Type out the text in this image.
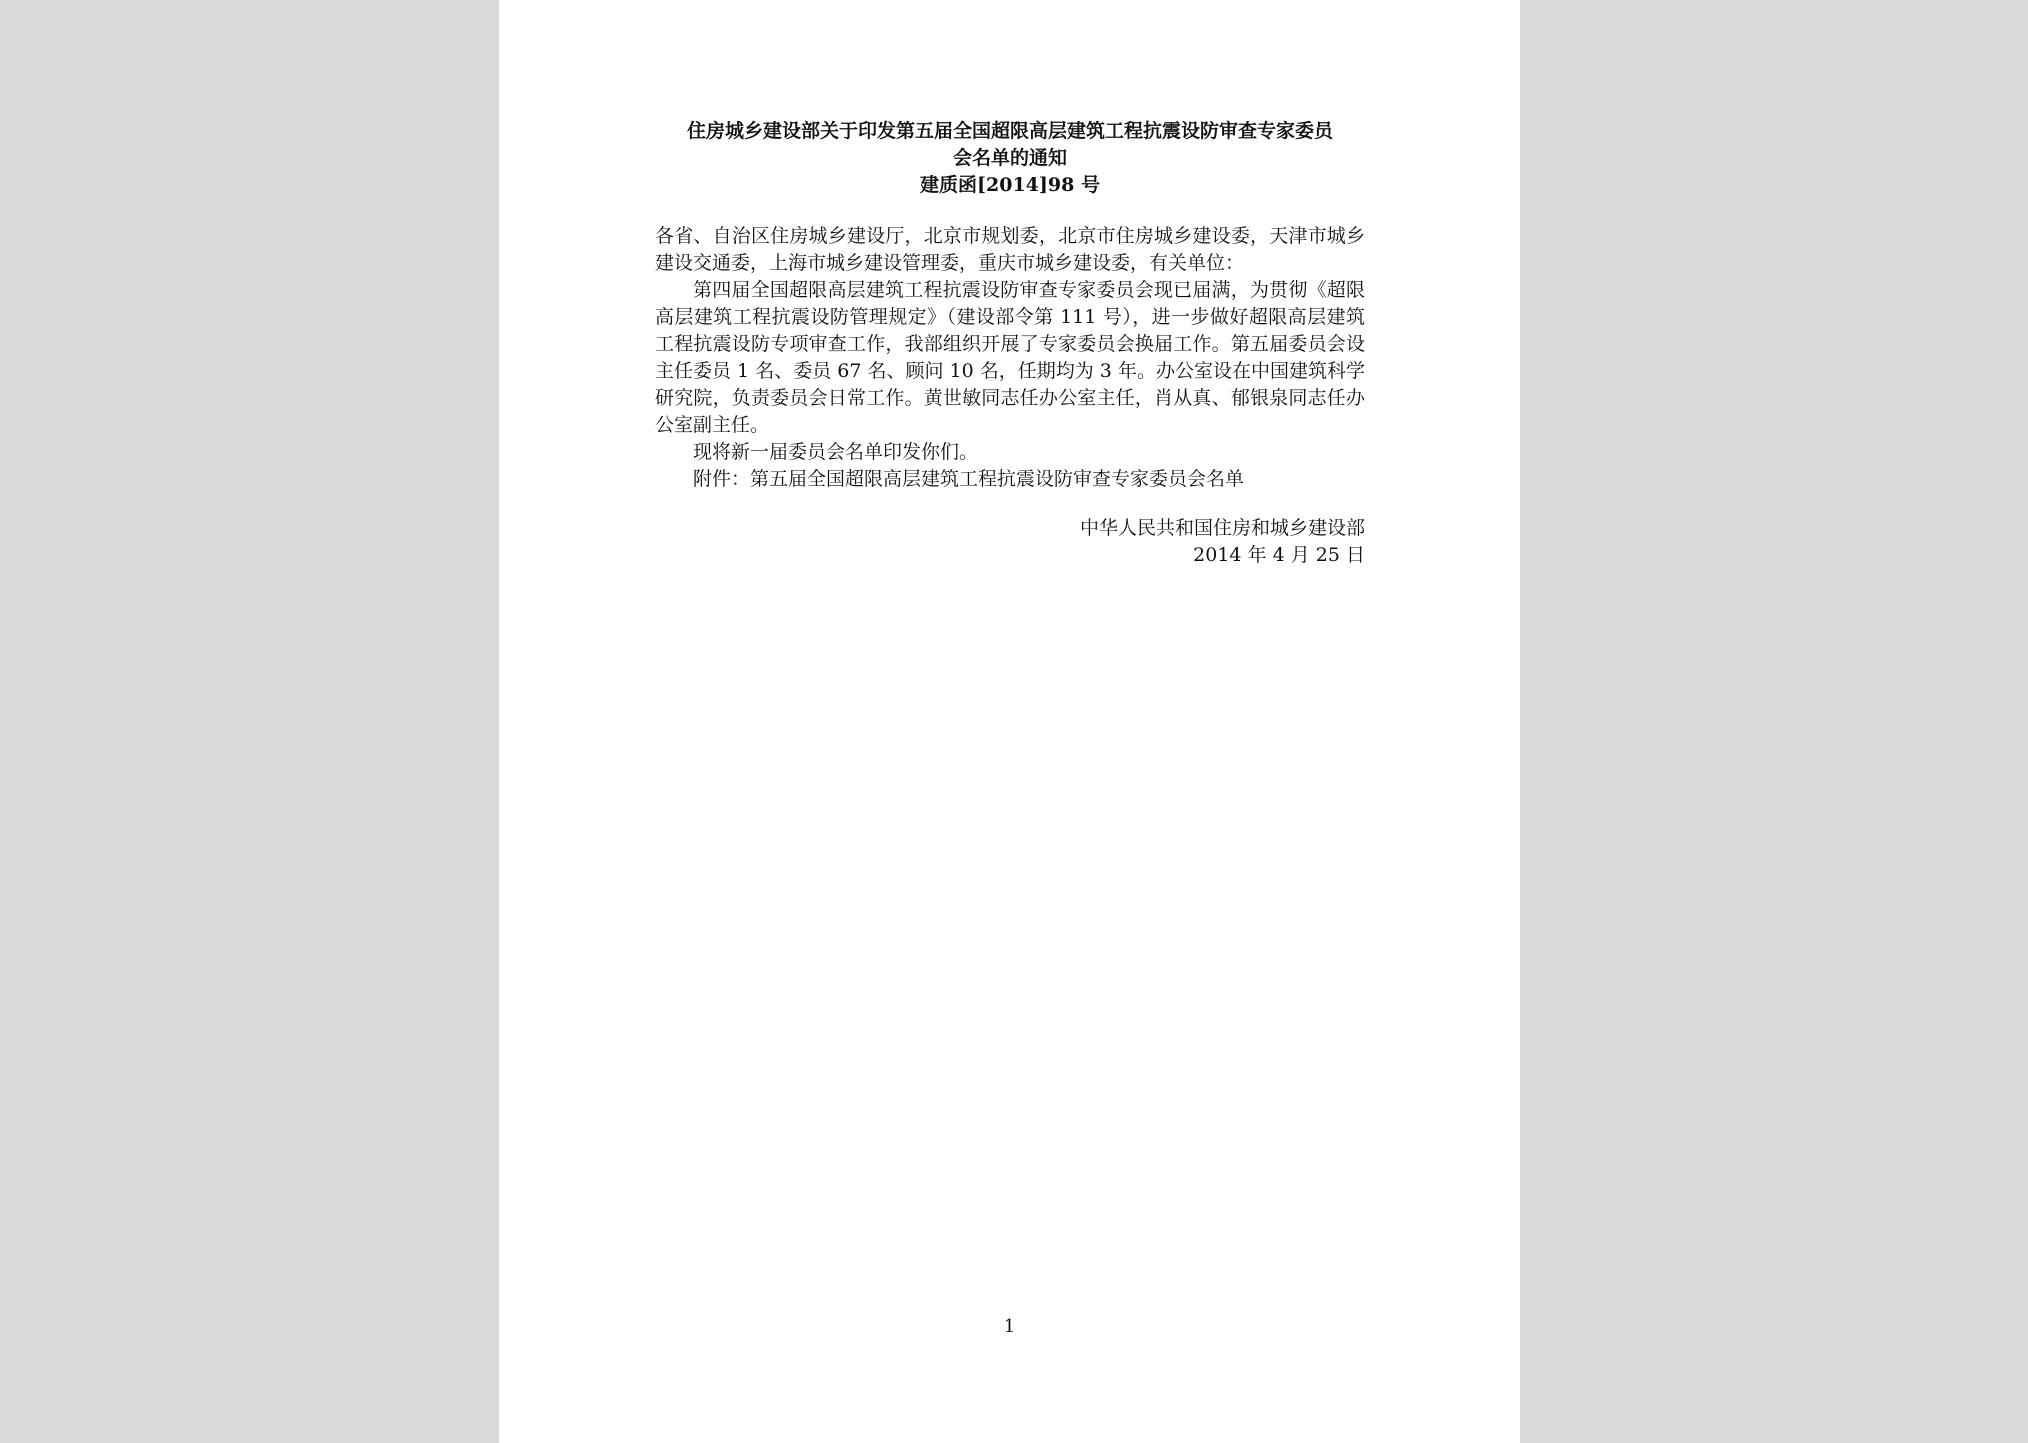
住房城乡建设部关于印发第五届全国超限高层建筑工程抗震设防审查专家委员
会名单的通知
建质函[2014]98 号

各省、自治区住房城乡建设厅，北京市规划委，北京市住房城乡建设委，天津市城乡建设交通委，上海市城乡建设管理委，重庆市城乡建设委，有关单位：

第四届全国超限高层建筑工程抗震设防审查专家委员会现已届满，为贯彻《超限高层建筑工程抗震设防管理规定》（建设部令第 111 号），进一步做好超限高层建筑工程抗震设防专项审查工作，我部组织开展了专家委员会换届工作。第五届委员会设主任委员 1 名、委员 67 名、顾问 10 名，任期均为 3 年。办公室设在中国建筑科学研究院，负责委员会日常工作。黄世敏同志任办公室主任，肖从真、郁银泉同志任办公室副主任。

现将新一届委员会名单印发你们。

附件：第五届全国超限高层建筑工程抗震设防审查专家委员会名单

中华人民共和国住房和城乡建设部
2014 年 4 月 25 日
1
